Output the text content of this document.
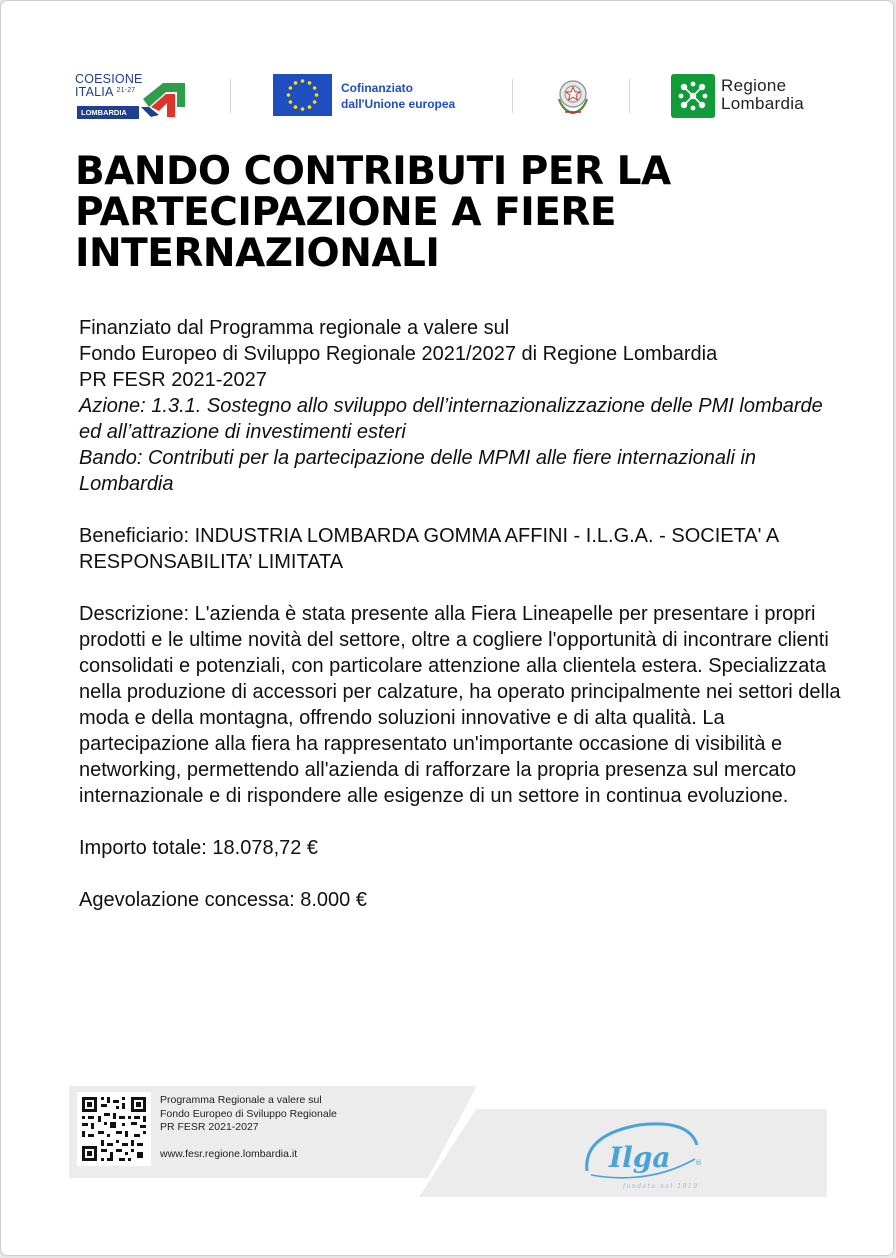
COESIONE
ITALIA $^{21-27}$
LOMBARDIA
Cofinanziato
dall'Unione europea
Regione
Lombardia
BANDO CONTRIBUTI PER LA PARTECIPAZIONE A FIERE INTERNAZIONALI

Finanziato dal Programma regionale a valere sul

Fondo Europeo di Sviluppo Regionale 2021/2027 di Regione Lombardia

PR FESR 2021-2027

Azione: 1.3.1. Sostegno allo sviluppo dell’internazionalizzazione delle PMI lombarde ed all’attrazione di investimenti esteri

Bando: Contributi per la partecipazione delle MPMI alle fiere internazionali in Lombardia

Beneficiario: INDUSTRIA LOMBARDA GOMMA AFFINI - I.L.G.A. - SOCIETA' A RESPONSABILITA’ LIMITATA

Descrizione: L'azienda è stata presente alla Fiera Lineapelle per presentare i propri prodotti e le ultime novità del settore, oltre a cogliere l'opportunità di incontrare clienti consolidati e potenziali, con particolare attenzione alla clientela estera. Specializzata nella produzione di accessori per calzature, ha operato principalmente nei settori della moda e della montagna, offrendo soluzioni innovative e di alta qualità. La partecipazione alla fiera ha rappresentato un'importante occasione di visibilità e networking, permettendo all'azienda di rafforzare la propria presenza sul mercato internazionale e di rispondere alle esigenze di un settore in continua evoluzione.

Importo totale: 18.078,72 €

Agevolazione concessa: 8.000 €

Programma Regionale a valere sul

Fondo Europeo di Sviluppo Regionale

PR FESR 2021-2027

www.fesr.regione.lombardia.it	Ilga	®
fondata nel 1919
